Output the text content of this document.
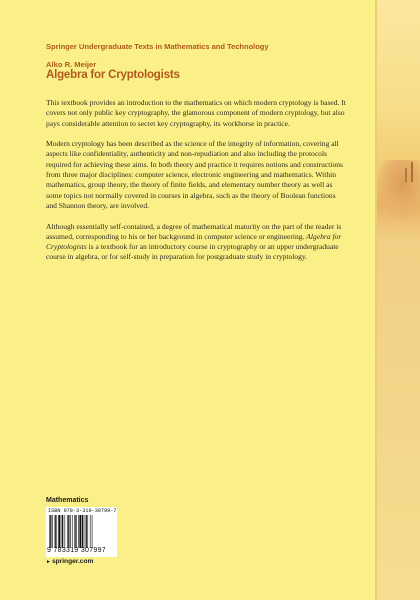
Springer Undergraduate Texts in Mathematics and Technology
Alko R. Meijer
Algebra for Cryptologists

This textbook provides an introduction to the mathematics on which modern cryptology is based. It covers not only public key cryptography, the glamorous component of modern cryptology, but also pays considerable attention to secret key cryptography, its workhorse in practice.

Modern cryptology has been described as the science of the integrity of information, covering all aspects like confidentiality, authenticity and non-repudiation and also including the protocols required for achieving these aims. In both theory and practice it requires notions and constructions from three major disciplines: computer science, electronic engineering and mathematics. Within mathematics, group theory, the theory of finite fields, and elementary number theory as well as some topics not normally covered in courses in algebra, such as the theory of Boolean functions and Shannon theory, are involved.

Although essentially self-contained, a degree of mathematical maturity on the part of the reader is assumed, corresponding to his or her background in computer science or engineering. Algebra for Cryptologists is a textbook for an introductory course in cryptography or an upper undergraduate course in algebra, or for self-study in preparation for postgraduate study in cryptology.

Mathematics
ISBN 978-3-319-30799-7
9 783319 307997
►springer.com
